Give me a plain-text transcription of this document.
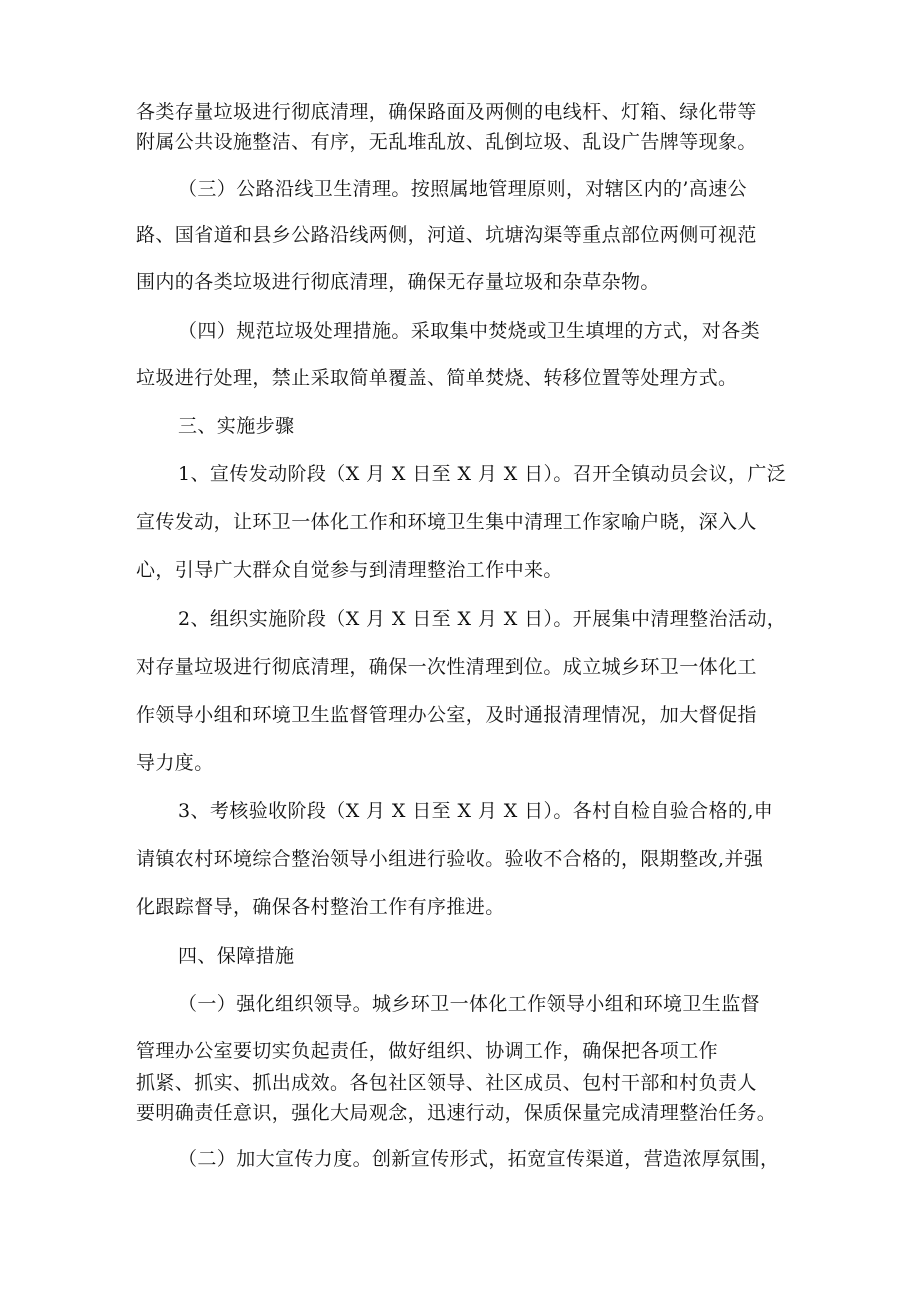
各类存量垃圾进行彻底清理，确保路面及两侧的电线杆、灯箱、绿化带等
附属公共设施整洁、有序，无乱堆乱放、乱倒垃圾、乱设广告牌等现象。
（三）公路沿线卫生清理。按照属地管理原则，对辖区内的’高速公
路、国省道和县乡公路沿线两侧，河道、坑塘沟渠等重点部位两侧可视范
围内的各类垃圾进行彻底清理，确保无存量垃圾和杂草杂物。
（四）规范垃圾处理措施。采取集中焚烧或卫生填埋的方式，对各类
垃圾进行处理，禁止采取简单覆盖、简单焚烧、转移位置等处理方式。
三、实施步骤
1、宣传发动阶段（X 月 X 日至 X 月 X 日）。召开全镇动员会议，广泛
宣传发动，让环卫一体化工作和环境卫生集中清理工作家喻户晓，深入人
心，引导广大群众自觉参与到清理整治工作中来。
2、组织实施阶段（X 月 X 日至 X 月 X 日）。开展集中清理整治活动，
对存量垃圾进行彻底清理，确保一次性清理到位。成立城乡环卫一体化工
作领导小组和环境卫生监督管理办公室，及时通报清理情况，加大督促指
导力度。
3、考核验收阶段（X 月 X 日至 X 月 X 日）。各村自检自验合格的,申
请镇农村环境综合整治领导小组进行验收。验收不合格的，限期整改,并强
化跟踪督导，确保各村整治工作有序推进。
四、保障措施
（一）强化组织领导。城乡环卫一体化工作领导小组和环境卫生监督
管理办公室要切实负起责任，做好组织、协调工作，确保把各项工作
抓紧、抓实、抓出成效。各包社区领导、社区成员、包村干部和村负责人
要明确责任意识，强化大局观念，迅速行动，保质保量完成清理整治任务。
（二）加大宣传力度。创新宣传形式，拓宽宣传渠道，营造浓厚氛围，
